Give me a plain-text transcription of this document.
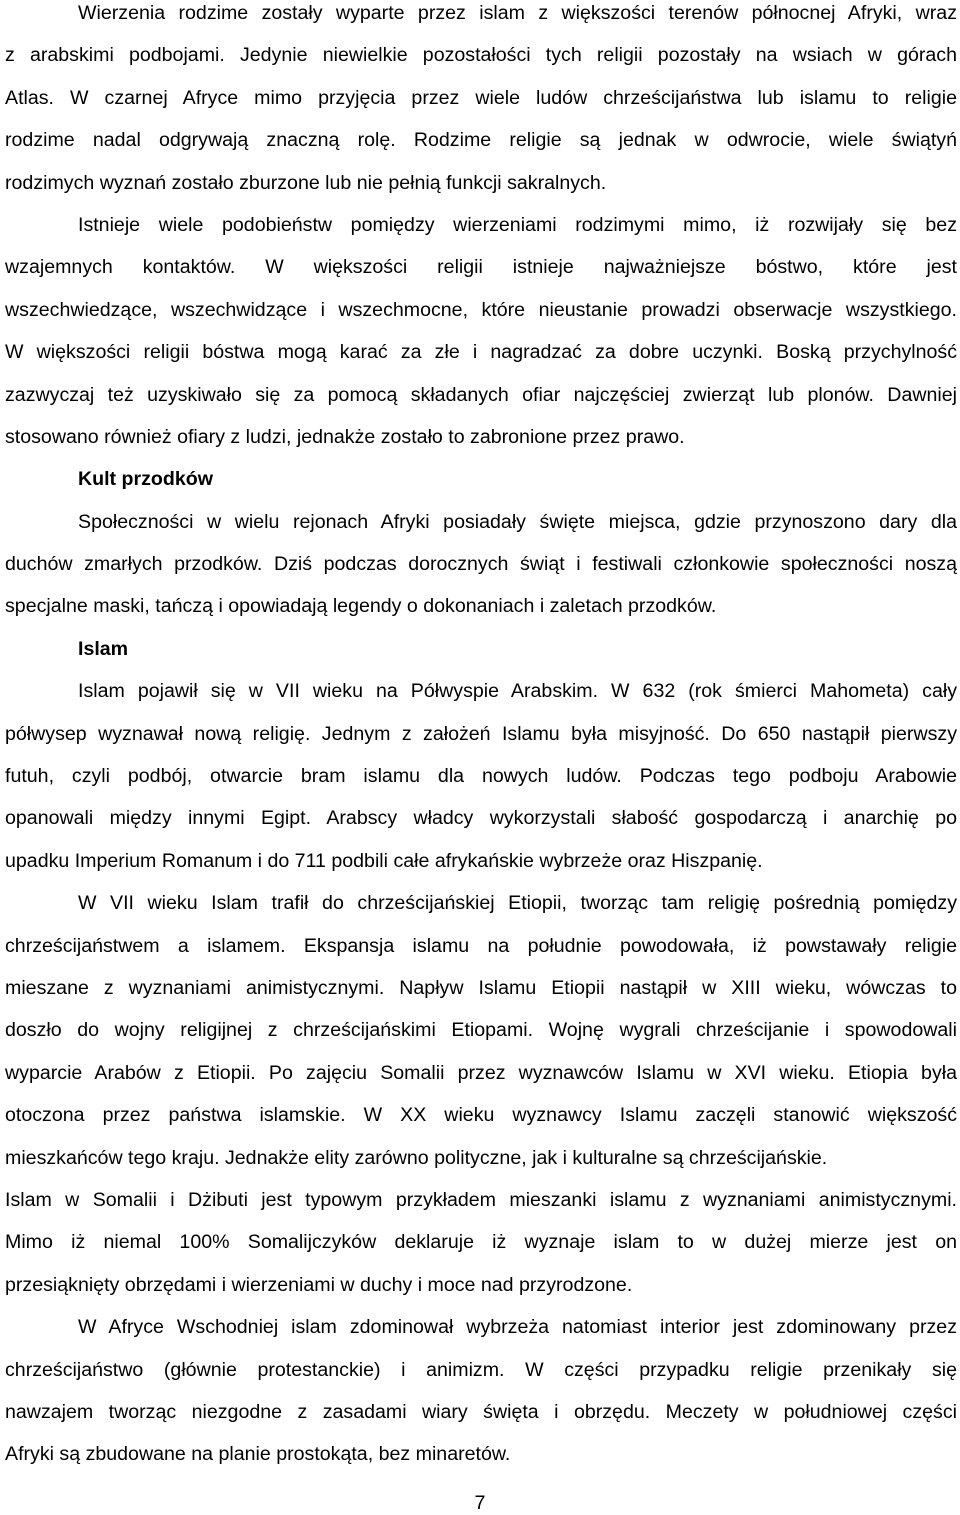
Wierzenia rodzime zostały wyparte przez islam z większości terenów północnej Afryki, wraz
z arabskimi podbojami. Jedynie niewielkie pozostałości tych religii pozostały na wsiach w górach
Atlas. W czarnej Afryce mimo przyjęcia przez wiele ludów chrześcijaństwa lub islamu to religie
rodzime nadal odgrywają znaczną rolę. Rodzime religie są jednak w odwrocie, wiele świątyń
rodzimych wyznań zostało zburzone lub nie pełnią funkcji sakralnych.
Istnieje wiele podobieństw pomiędzy wierzeniami rodzimymi mimo, iż rozwijały się bez
wzajemnych kontaktów. W większości religii istnieje najważniejsze bóstwo, które jest
wszechwiedzące, wszechwidzące i wszechmocne, które nieustanie prowadzi obserwacje wszystkiego.
W większości religii bóstwa mogą karać za złe i nagradzać za dobre uczynki. Boską przychylność
zazwyczaj też uzyskiwało się za pomocą składanych ofiar najczęściej zwierząt lub plonów. Dawniej
stosowano również ofiary z ludzi, jednakże zostało to zabronione przez prawo.
Kult przodków
Społeczności w wielu rejonach Afryki posiadały święte miejsca, gdzie przynoszono dary dla
duchów zmarłych przodków. Dziś podczas dorocznych świąt i festiwali członkowie społeczności noszą
specjalne maski, tańczą i opowiadają legendy o dokonaniach i zaletach przodków.
Islam
Islam pojawił się w VII wieku na Półwyspie Arabskim. W 632 (rok śmierci Mahometa) cały
półwysep wyznawał nową religię. Jednym z założeń Islamu była misyjność. Do 650 nastąpił pierwszy
futuh, czyli podbój, otwarcie bram islamu dla nowych ludów. Podczas tego podboju Arabowie
opanowali między innymi Egipt. Arabscy władcy wykorzystali słabość gospodarczą i anarchię po
upadku Imperium Romanum i do 711 podbili całe afrykańskie wybrzeże oraz Hiszpanię.
W VII wieku Islam trafił do chrześcijańskiej Etiopii, tworząc tam religię pośrednią pomiędzy
chrześcijaństwem a islamem. Ekspansja islamu na południe powodowała, iż powstawały religie
mieszane z wyznaniami animistycznymi. Napływ Islamu Etiopii nastąpił w XIII wieku, wówczas to
doszło do wojny religijnej z chrześcijańskimi Etiopami. Wojnę wygrali chrześcijanie i spowodowali
wyparcie Arabów z Etiopii. Po zajęciu Somalii przez wyznawców Islamu w XVI wieku. Etiopia była
otoczona przez państwa islamskie. W XX wieku wyznawcy Islamu zaczęli stanowić większość
mieszkańców tego kraju. Jednakże elity zarówno polityczne, jak i kulturalne są chrześcijańskie.
Islam w Somalii i Dżibuti jest typowym przykładem mieszanki islamu z wyznaniami animistycznymi.
Mimo iż niemal 100% Somalijczyków deklaruje iż wyznaje islam to w dużej mierze jest on
przesiąknięty obrzędami i wierzeniami w duchy i moce nad przyrodzone.
W Afryce Wschodniej islam zdominował wybrzeża natomiast interior jest zdominowany przez
chrześcijaństwo (głównie protestanckie) i animizm. W części przypadku religie przenikały się
nawzajem tworząc niezgodne z zasadami wiary święta i obrzędu. Meczety w południowej części
Afryki są zbudowane na planie prostokąta, bez minaretów.
7
